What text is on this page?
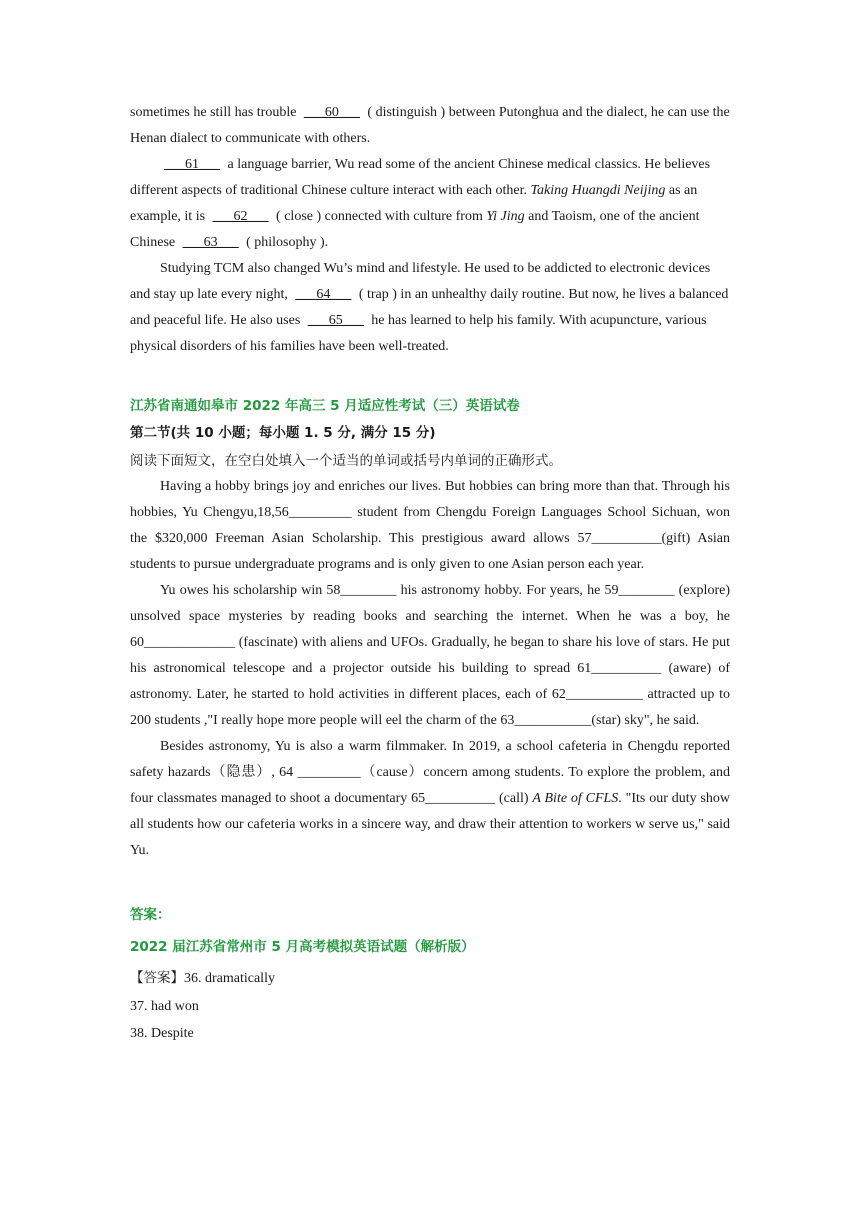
sometimes he still has trouble ___60___ ( distinguish ) between Putonghua and the dialect, he can use the Henan dialect to communicate with others.

___61___ a language barrier, Wu read some of the ancient Chinese medical classics. He believes different aspects of traditional Chinese culture interact with each other. Taking Huangdi Neijing as an example, it is ___62___ ( close ) connected with culture from Yi Jing and Taoism, one of the ancient Chinese ___63___ ( philosophy ).

Studying TCM also changed Wu’s mind and lifestyle. He used to be addicted to electronic devices and stay up late every night, ___64___ ( trap ) in an unhealthy daily routine. But now, he lives a balanced and peaceful life. He also uses ___65___ he has learned to help his family. With acupuncture, various physical disorders of his families have been well-treated.

江苏省南通如皋市 2022 年高三 5 月适应性考试（三）英语试卷

第二节(共 10 小题；每小题 1. 5 分, 满分 15 分)

阅读下面短文，在空白处填入一个适当的单词或括号内单词的正确形式。

Having a hobby brings joy and enriches our lives. But hobbies can bring more than that. Through his hobbies, Yu Chengyu,18,56_________ student from Chengdu Foreign Languages School Sichuan, won the $320,000 Freeman Asian Scholarship. This prestigious award allows 57__________(gift) Asian students to pursue undergraduate programs and is only given to one Asian person each year.

Yu owes his scholarship win 58________ his astronomy hobby. For years, he 59________ (explore) unsolved space mysteries by reading books and searching the internet. When he was a boy, he 60_____________ (fascinate) with aliens and UFOs. Gradually, he began to share his love of stars. He put his astronomical telescope and a projector outside his building to spread 61__________ (aware) of astronomy. Later, he started to hold activities in different places, each of 62___________ attracted up to 200 students ,"I really hope more people will eel the charm of the 63___________(star) sky", he said.

Besides astronomy, Yu is also a warm filmmaker. In 2019, a school cafeteria in Chengdu reported safety hazards（隐患）, 64 _________（cause）concern among students. To explore the problem, and four classmates managed to shoot a documentary 65__________ (call) A Bite of CFLS. "Its our duty show all students how our cafeteria works in a sincere way, and draw their attention to workers w serve us," said Yu.

答案：

2022 届江苏省常州市 5 月高考模拟英语试题（解析版）

【答案】36. dramatically

37. had won

38. Despite
